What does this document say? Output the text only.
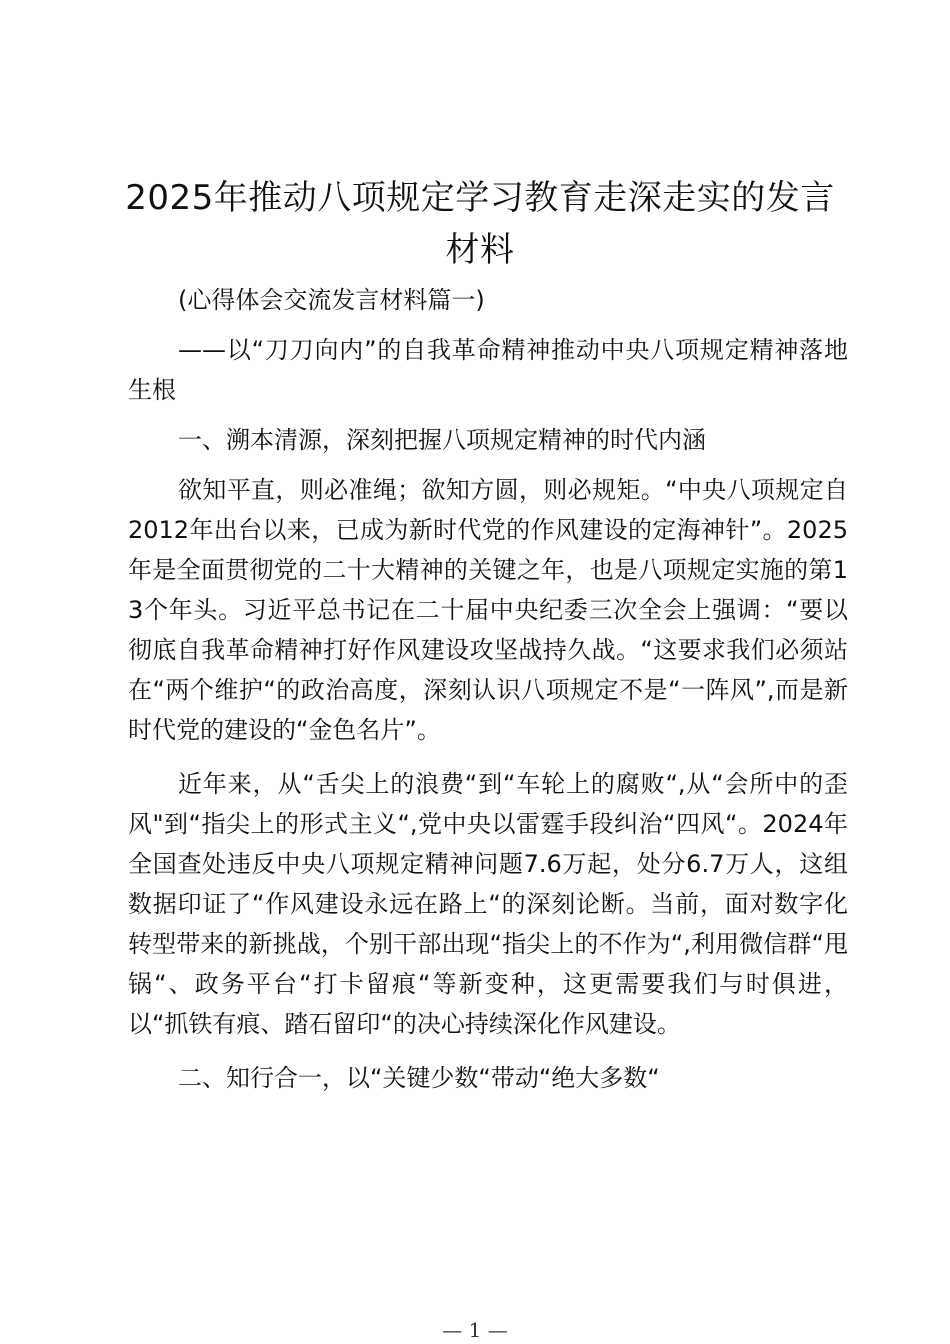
2025年推动八项规定学习教育走深走实的发言材料

(心得体会交流发言材料篇一)

——以“刀刀向内”的自我革命精神推动中央八项规定精神落地生根

一、溯本清源，深刻把握八项规定精神的时代内涵

欲知平直，则必准绳；欲知方圆，则必规矩。“中央八项规定自2012年出台以来，已成为新时代党的作风建设的定海神针”。2025年是全面贯彻党的二十大精神的关键之年，也是八项规定实施的第13个年头。习近平总书记在二十届中央纪委三次全会上强调：“要以彻底自我革命精神打好作风建设攻坚战持久战。“这要求我们必须站在“两个维护“的政治高度，深刻认识八项规定不是“一阵风”,而是新时代党的建设的“金色名片”。

近年来，从“舌尖上的浪费“到“车轮上的腐败“,从“会所中的歪风"到“指尖上的形式主义“,党中央以雷霆手段纠治“四风“。2024年全国查处违反中央八项规定精神问题7.6万起，处分6.7万人，这组数据印证了“作风建设永远在路上“的深刻论断。当前，面对数字化转型带来的新挑战，个别干部出现“指尖上的不作为“,利用微信群“甩锅“、政务平台“打卡留痕“等新变种，这更需要我们与时俱进，以“抓铁有痕、踏石留印“的决心持续深化作风建设。

二、知行合一，以“关键少数“带动“绝大多数“

— 1 —
